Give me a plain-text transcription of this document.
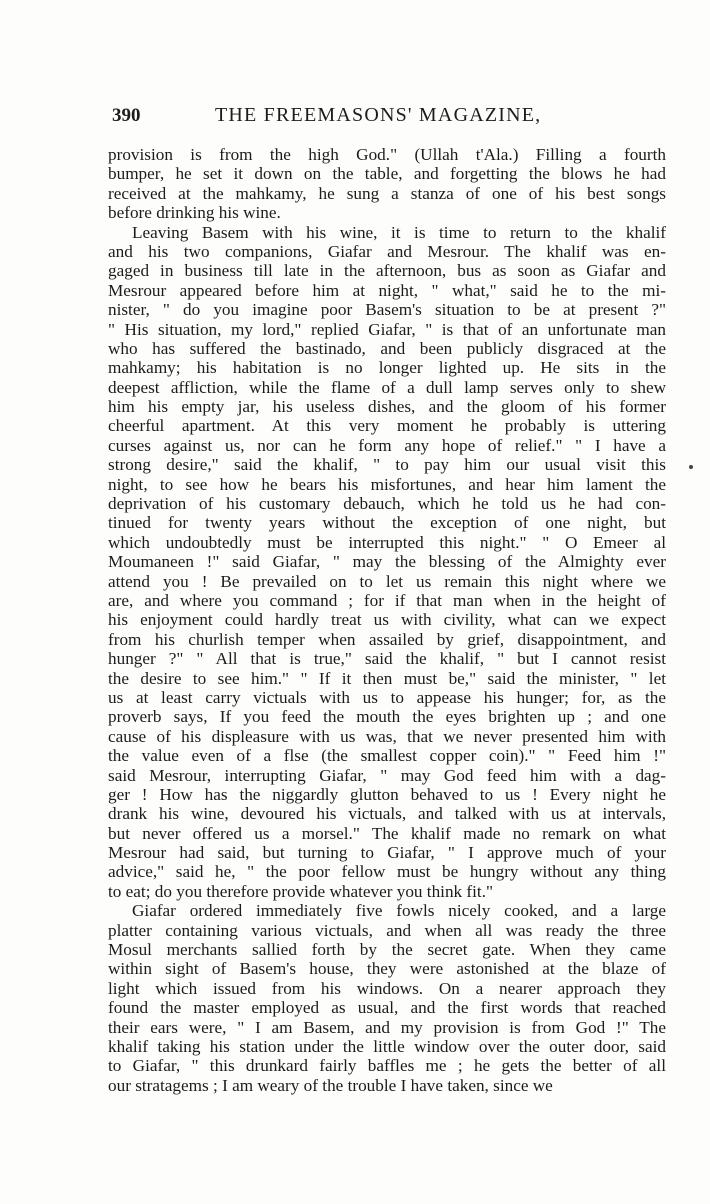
390	THE FREEMASONS' MAGAZINE,
provision is from the high God." (Ullah t'Ala.) Filling a fourth
bumper, he set it down on the table, and forgetting the blows he had
received at the mahkamy, he sung a stanza of one of his best songs
before drinking his wine.
Leaving Basem with his wine, it is time to return to the khalif
and his two companions, Giafar and Mesrour. The khalif was en-
gaged in business till late in the afternoon, bus as soon as Giafar and
Mesrour appeared before him at night, " what," said he to the mi-
nister, " do you imagine poor Basem's situation to be at present ?"
" His situation, my lord," replied Giafar, " is that of an unfortunate man
who has suffered the bastinado, and been publicly disgraced at the
mahkamy; his habitation is no longer lighted up. He sits in the
deepest affliction, while the flame of a dull lamp serves only to shew
him his empty jar, his useless dishes, and the gloom of his former
cheerful apartment. At this very moment he probably is uttering
curses against us, nor can he form any hope of relief." " I have a
strong desire," said the khalif, " to pay him our usual visit this
night, to see how he bears his misfortunes, and hear him lament the
deprivation of his customary debauch, which he told us he had con-
tinued for twenty years without the exception of one night, but
which undoubtedly must be interrupted this night." " O Emeer al
Moumaneen !" said Giafar, " may the blessing of the Almighty ever
attend you ! Be prevailed on to let us remain this night where we
are, and where you command ; for if that man when in the height of
his enjoyment could hardly treat us with civility, what can we expect
from his churlish temper when assailed by grief, disappointment, and
hunger ?" " All that is true," said the khalif, " but I cannot resist
the desire to see him." " If it then must be," said the minister, " let
us at least carry victuals with us to appease his hunger; for, as the
proverb says, If you feed the mouth the eyes brighten up ; and one
cause of his displeasure with us was, that we never presented him with
the value even of a flse (the smallest copper coin)." " Feed him !"
said Mesrour, interrupting Giafar, " may God feed him with a dag-
ger ! How has the niggardly glutton behaved to us ! Every night he
drank his wine, devoured his victuals, and talked with us at intervals,
but never offered us a morsel." The khalif made no remark on what
Mesrour had said, but turning to Giafar, " I approve much of your
advice," said he, " the poor fellow must be hungry without any thing
to eat; do you therefore provide whatever you think fit."
Giafar ordered immediately five fowls nicely cooked, and a large
platter containing various victuals, and when all was ready the three
Mosul merchants sallied forth by the secret gate. When they came
within sight of Basem's house, they were astonished at the blaze of
light which issued from his windows. On a nearer approach they
found the master employed as usual, and the first words that reached
their ears were, " I am Basem, and my provision is from God !" The
khalif taking his station under the little window over the outer door, said
to Giafar, " this drunkard fairly baffles me ; he gets the better of all
our stratagems ; I am weary of the trouble I have taken, since we
